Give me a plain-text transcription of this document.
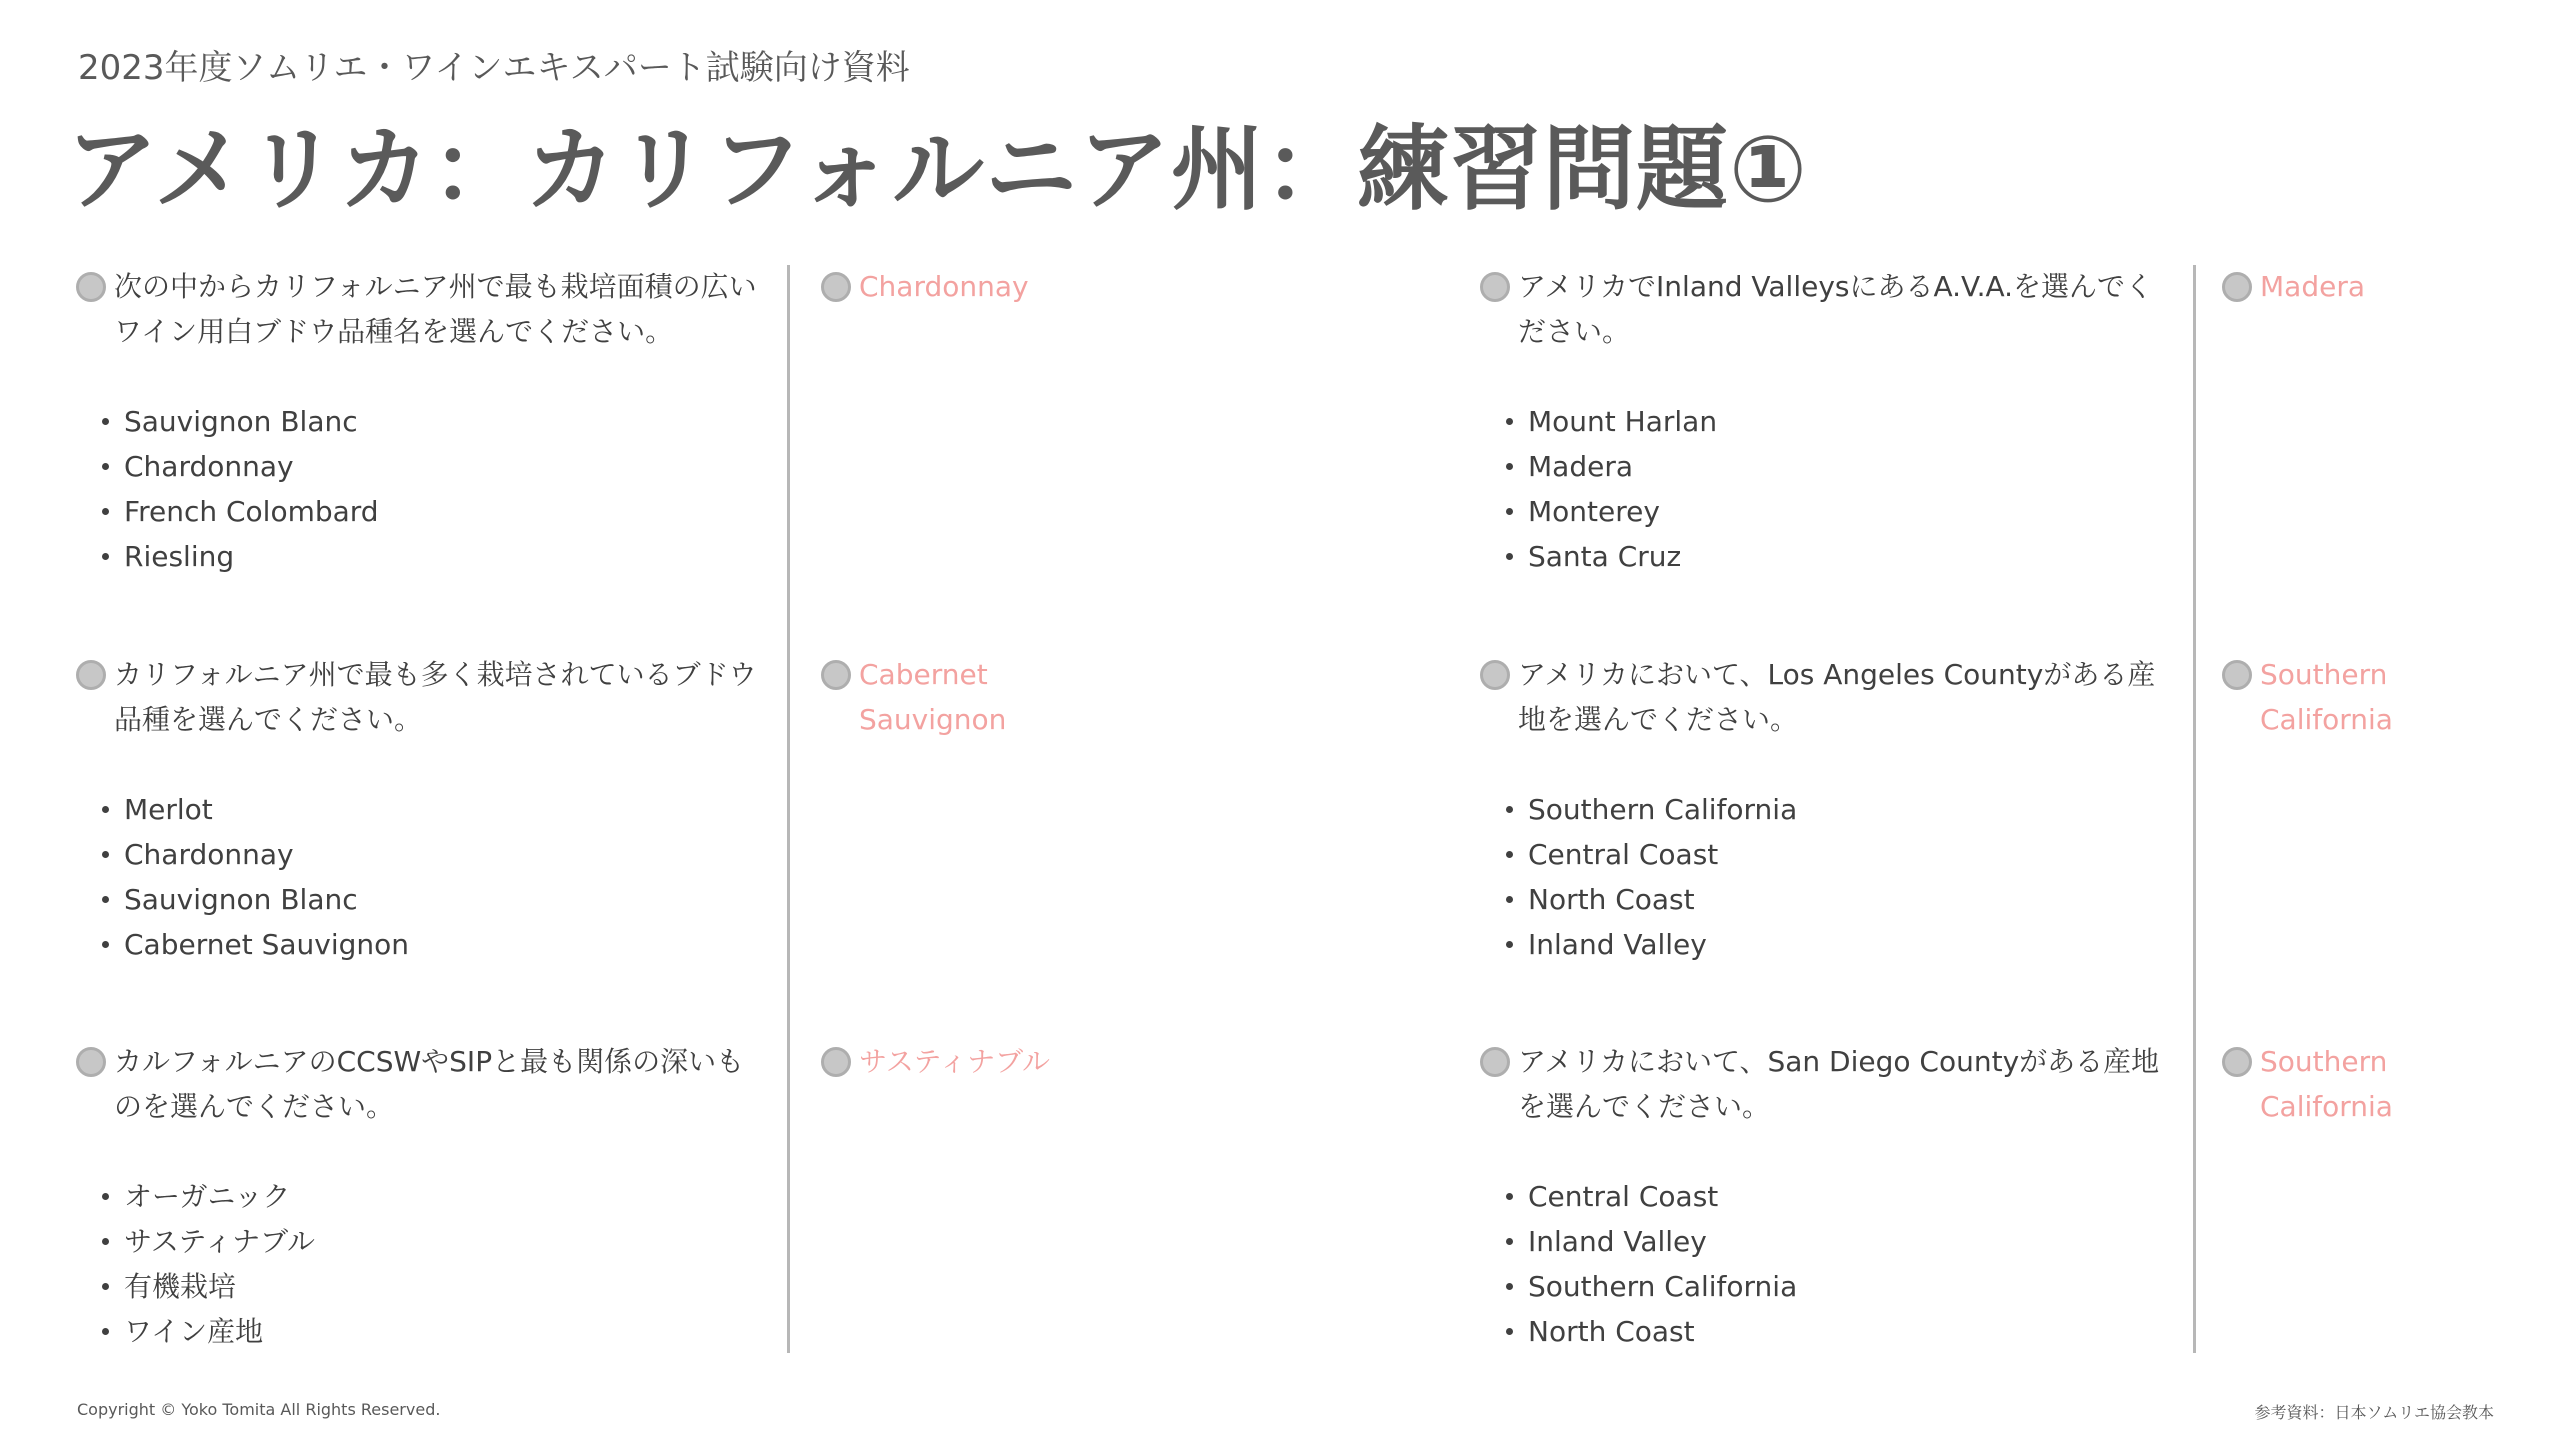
2023年度ソムリエ・ワインエキスパート試験向け資料
アメリカ：カリフォルニア州：練習問題①
次の中からカリフォルニア州で最も栽培面積の広いワイン用白ブドウ品種名を選んでください。
Sauvignon Blanc
Chardonnay
French Colombard
Riesling
カリフォルニア州で最も多く栽培されているブドウ品種を選んでください。
Merlot
Chardonnay
Sauvignon Blanc
Cabernet Sauvignon
カルフォルニアのCCSWやSIPと最も関係の深いものを選んでください。
オーガニック
サスティナブル
有機栽培
ワイン産地
Chardonnay
Cabernet Sauvignon
サスティナブル
アメリカでInland ValleysにあるA.V.A.を選んでください。
Mount Harlan
Madera
Monterey
Santa Cruz
アメリカにおいて、Los Angeles Countyがある産地を選んでください。
Southern California
Central Coast
North Coast
Inland Valley
アメリカにおいて、San Diego Countyがある産地を選んでください。
Central Coast
Inland Valley
Southern California
North Coast
Madera
Southern California
Southern California
Copyright © Yoko Tomita All Rights Reserved.	参考資料：日本ソムリエ協会教本
